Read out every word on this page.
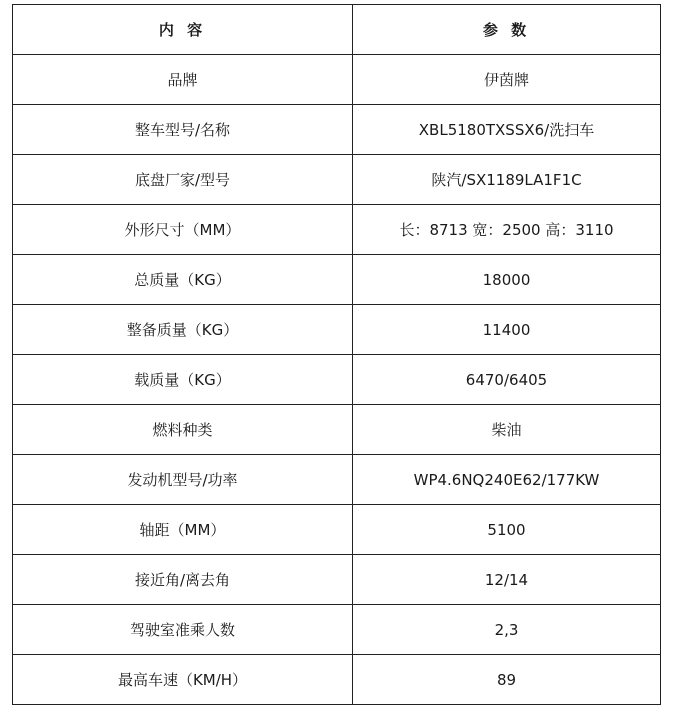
内 容	参 数
品牌	伊茵牌
整车型号/名称	XBL5180TXSSX6/洗扫车
底盘厂家/型号	陕汽/SX1189LA1F1C
外形尺寸（MM）	长：8713 宽：2500 高：3110
总质量（KG）	18000
整备质量（KG）	11400
载质量（KG）	6470/6405
燃料种类	柴油
发动机型号/功率	WP4.6NQ240E62/177KW
轴距（MM）	5100
接近角/离去角	12/14
驾驶室准乘人数	2,3
最高车速（KM/H）	89
